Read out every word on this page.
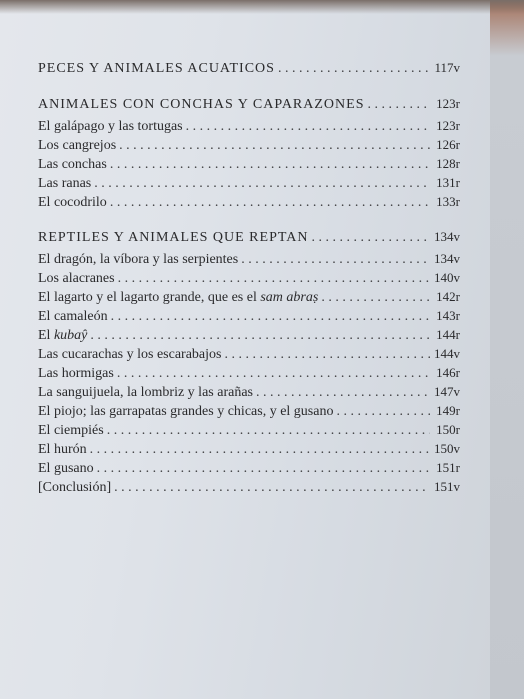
PECES Y ANIMALES ACUATICOS . . .	117v
ANIMALES CON CONCHAS Y CAPARAZONES . . .	123r
El galápago y las tortugas . . .	123r
Los cangrejos . . .	126r
Las conchas . . .	128r
Las ranas . . .	131r
El cocodrilo . . .	133r
REPTILES Y ANIMALES QUE REPTAN . . .	134v
El dragón, la víbora y las serpientes . . .	134v
Los alacranes . . .	140v
El lagarto y el lagarto grande, que es el sam abraṣ . . .	142r
El camaleón . . .	143r
El kubaŷ . . .	144r
Las cucarachas y los escarabajos . . .	144v
Las hormigas . . .	146r
La sanguijuela, la lombriz y las arañas . . .	147v
El piojo; las garrapatas grandes y chicas, y el gusano . . .	149r
El ciempiés . . .	150r
El hurón . . .	150v
El gusano . . .	151r
[Conclusión] . . .	151v
